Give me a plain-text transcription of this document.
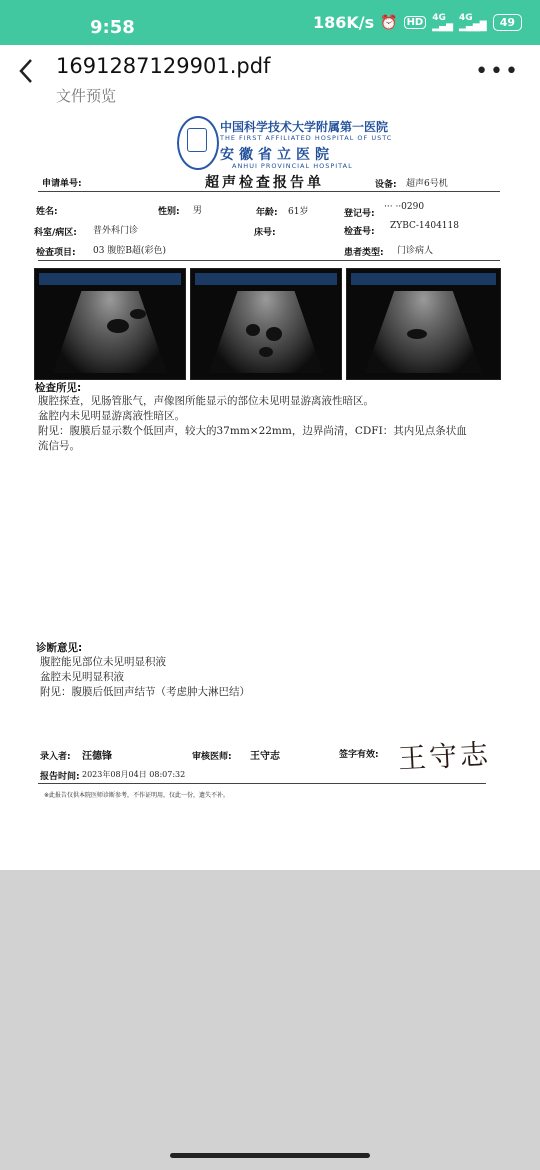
9:58	186K/s ⏰ HD	4G
▂▄▆
4G
▂▄▆█	49
1691287129901.pdf
文件预览
•••
中国科学技术大学附属第一医院
THE FIRST AFFILIATED HOSPITAL OF USTC
安徽省立医院
ANHUI PROVINCIAL HOSPITAL
超声检查报告单
申请单号:	设备: 超声6号机
姓名:	性别: 男	年龄: 61岁	登记号:
··· ··0290
科室/病区: 普外科门诊	床号:	检查号:
ZYBC-1404118
检查项目: 03 腹腔B超(彩色)	患者类型: 门诊病人
检查所见:
腹腔探查，见肠管胀气，声像图所能显示的部位未见明显游离液性暗区。
盆腔内未见明显游离液性暗区。
附见：腹膜后显示数个低回声，较大的37mm×22mm，边界尚清，CDFI：其内见点条状血
流信号。
诊断意见:
腹腔能见部位未见明显积液
盆腔未见明显积液
附见：腹膜后低回声结节（考虑肿大淋巴结）
录入者: 汪德锋	审核医师: 王守志	签字有效: 王守志
报告时间: 2023年08月04日 08:07:32
※此报告仅供本院医师诊断参考，不作证明用，仅此一份，遗失不补。
